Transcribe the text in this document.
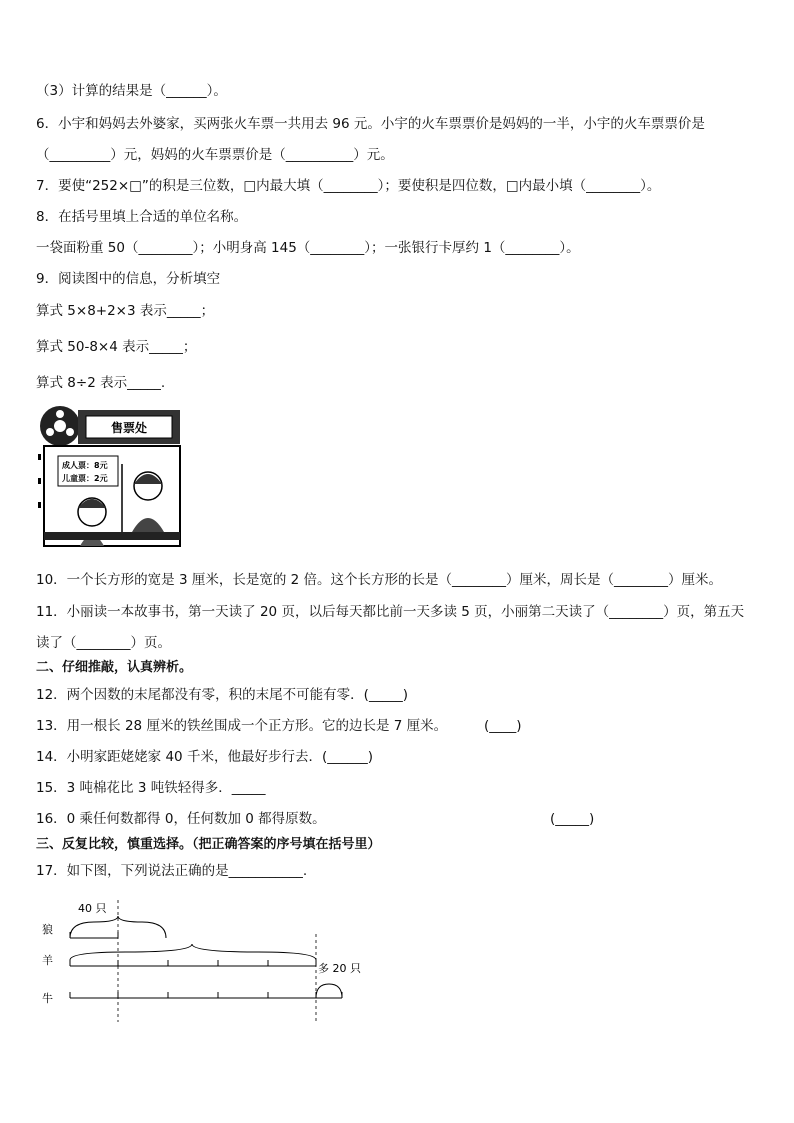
（3）计算的结果是（______）。
6．小宇和妈妈去外婆家，买两张火车票一共用去 96 元。小宇的火车票票价是妈妈的一半，小宇的火车票票价是
（_________）元，妈妈的火车票票价是（__________）元。
7．要使“252×□”的积是三位数，□内最大填（________）；要使积是四位数，□内最小填（________）。
8．在括号里填上合适的单位名称。
一袋面粉重 50（________）；小明身高 145（________）；一张银行卡厚约 1（________）。
9．阅读图中的信息，分析填空
算式 5×8+2×3 表示_____；
算式 50-8×4 表示_____；
算式 8÷2 表示_____.
售票处
成人票：8元
儿童票：2元
10．一个长方形的宽是 3 厘米，长是宽的 2 倍。这个长方形的长是（________）厘米，周长是（________）厘米。
11．小丽读一本故事书，第一天读了 20 页，以后每天都比前一天多读 5 页，小丽第二天读了（________）页，第五天
读了（________）页。
二、仔细推敲，认真辨析。
12．两个因数的末尾都没有零，积的末尾不可能有零．(_____)
13．用一根长 28 厘米的铁丝围成一个正方形。它的边长是 7 厘米。	(____)
14．小明家距姥姥家 40 千米，他最好步行去．(______)
15．3 吨棉花比 3 吨铁轻得多．_____
16．0 乘任何数都得 0，任何数加 0 都得原数。	(_____)
三、反复比较，慎重选择。（把正确答案的序号填在括号里）
17．如下图，下列说法正确的是___________.
40 只
狼
羊
多 20 只
牛
